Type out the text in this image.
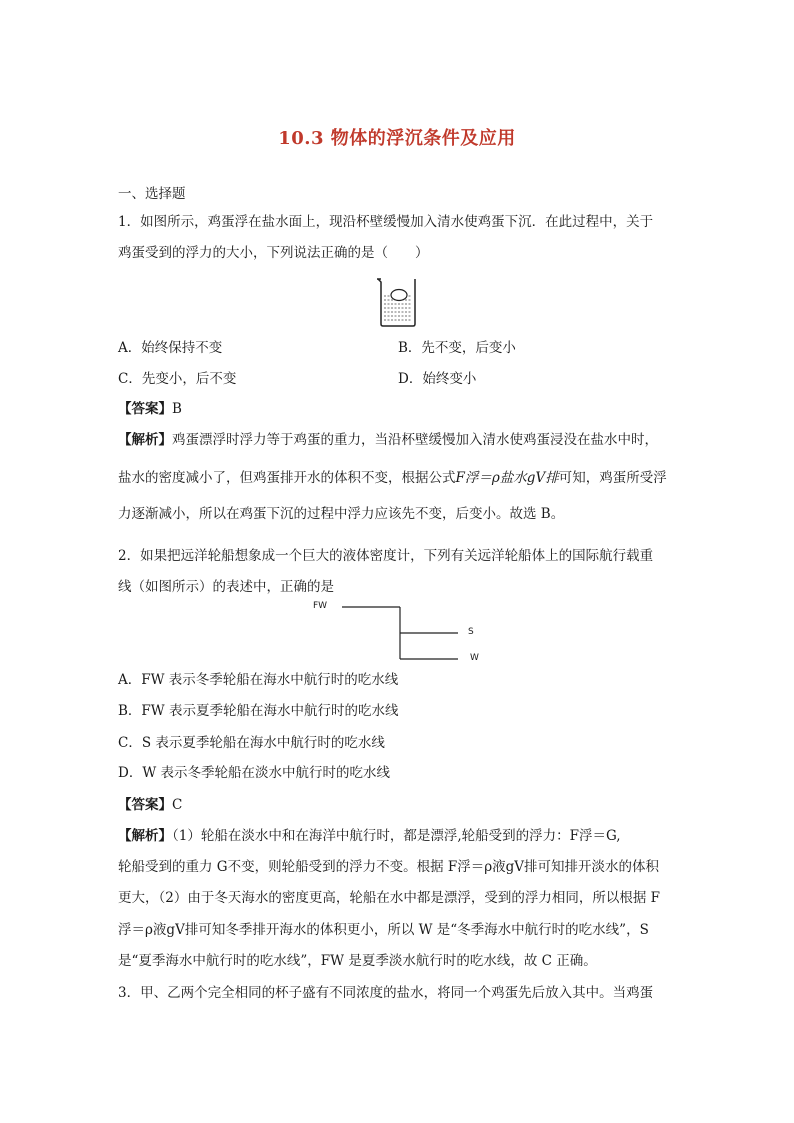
10.3 物体的浮沉条件及应用
一、选择题
1．如图所示，鸡蛋浮在盐水面上，现沿杯壁缓慢加入清水使鸡蛋下沉．在此过程中，关于
鸡蛋受到的浮力的大小，下列说法正确的是（　　）
A．始终保持不变	B．先不变，后变小
C．先变小，后不变	D．始终变小
【答案】B
【解析】鸡蛋漂浮时浮力等于鸡蛋的重力，当沿杯壁缓慢加入清水使鸡蛋浸没在盐水中时，
盐水的密度减小了，但鸡蛋排开水的体积不变，根据公式F浮＝ρ盐水gV排可知，鸡蛋所受浮
力逐渐减小，所以在鸡蛋下沉的过程中浮力应该先不变，后变小。故选 B。
2．如果把远洋轮船想象成一个巨大的液体密度计，下列有关远洋轮船体上的国际航行载重
线（如图所示）的表述中，正确的是
FW
S
W
A．FW 表示冬季轮船在海水中航行时的吃水线
B．FW 表示夏季轮船在海水中航行时的吃水线
C．S 表示夏季轮船在海水中航行时的吃水线
D．W 表示冬季轮船在淡水中航行时的吃水线
【答案】C
【解析】（1）轮船在淡水中和在海洋中航行时，都是漂浮,轮船受到的浮力：F浮＝G,
轮船受到的重力 G不变，则轮船受到的浮力不变。根据 F浮＝ρ液gV排可知排开淡水的体积
更大，（2）由于冬天海水的密度更高，轮船在水中都是漂浮，受到的浮力相同，所以根据 F
浮＝ρ液gV排可知冬季排开海水的体积更小，所以 W 是“冬季海水中航行时的吃水线”，S
是“夏季海水中航行时的吃水线”，FW 是夏季淡水航行时的吃水线，故 C 正确。
3．甲、乙两个完全相同的杯子盛有不同浓度的盐水，将同一个鸡蛋先后放入其中。当鸡蛋
